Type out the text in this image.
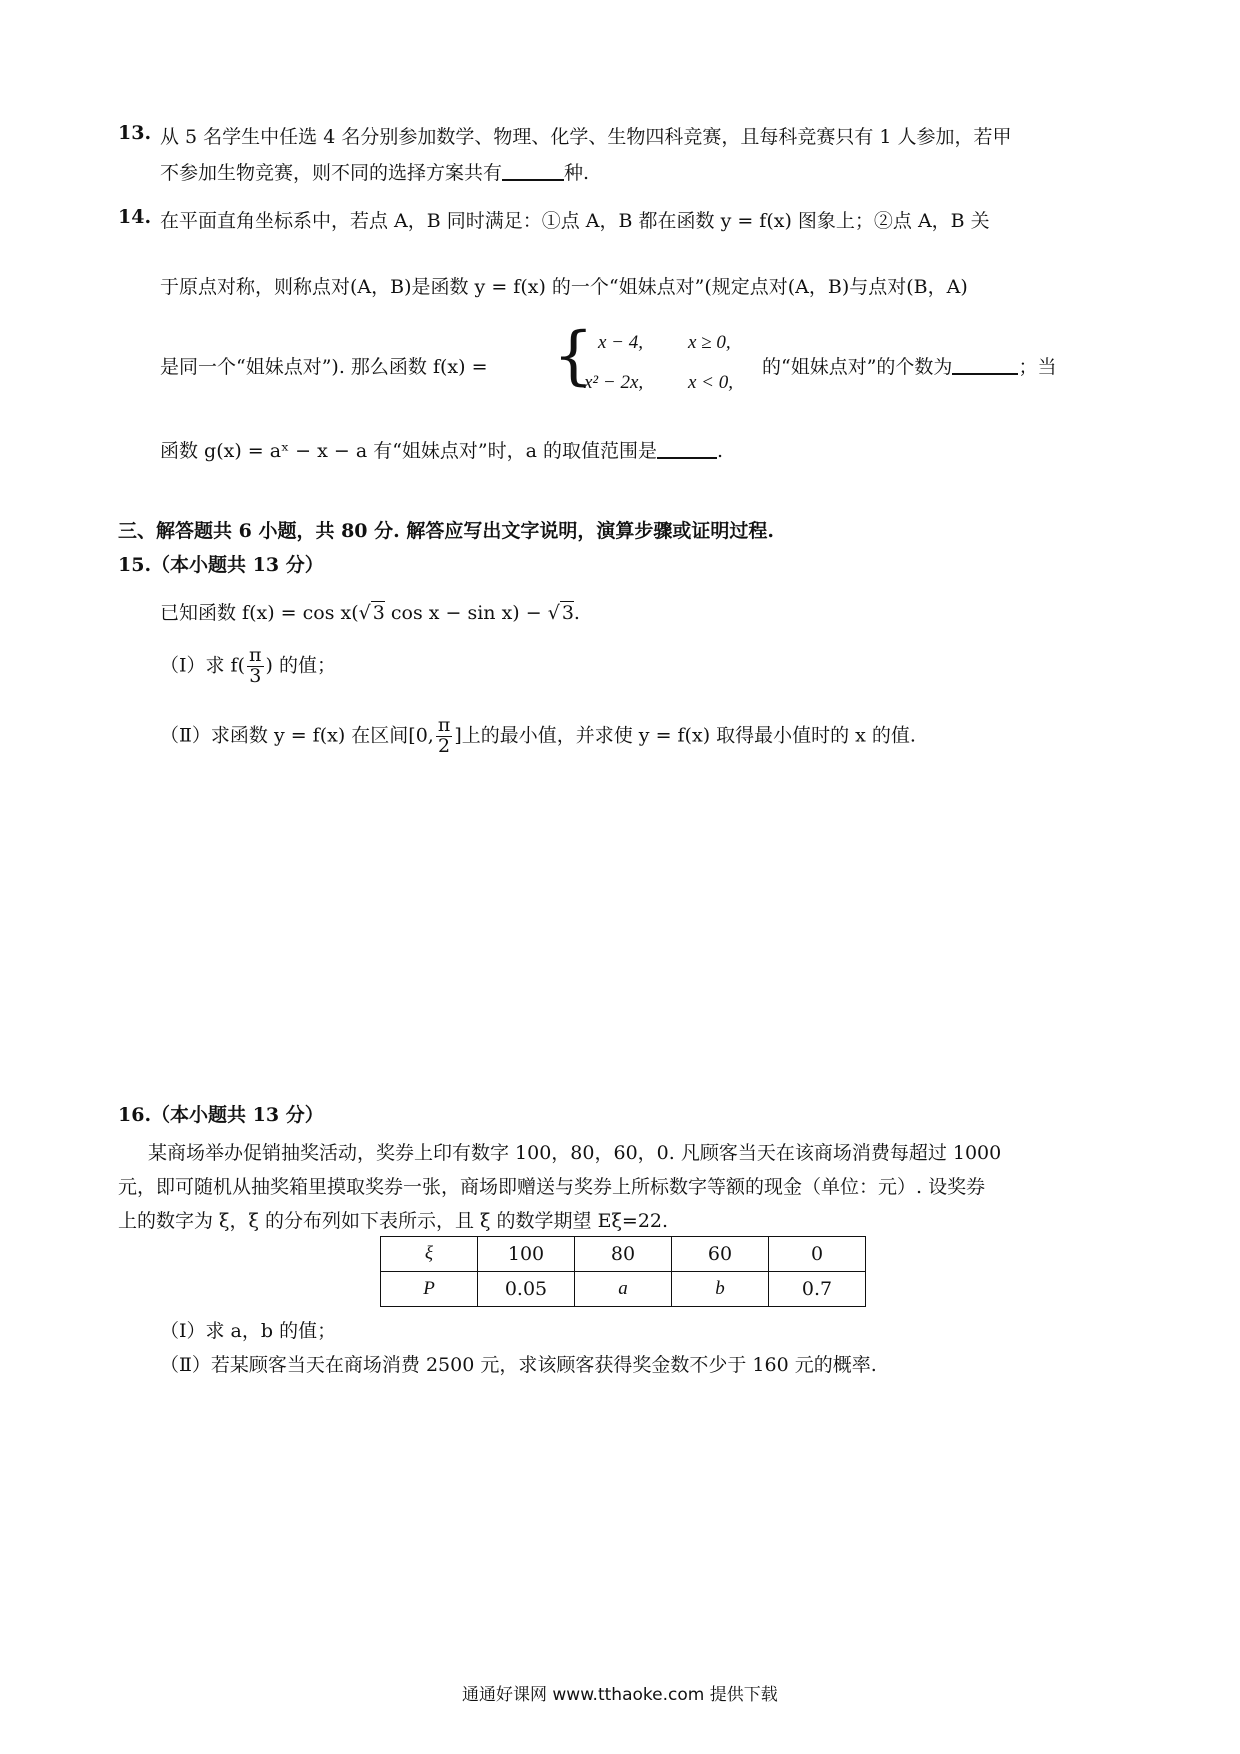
13. 从 5 名学生中任选 4 名分别参加数学、物理、化学、生物四科竞赛，且每科竞赛只有 1 人参加，若甲
不参加生物竞赛，则不同的选择方案共有	种.
14. 在平面直角坐标系中，若点 A，B 同时满足：①点 A，B 都在函数 y = f(x) 图象上；②点 A，B 关
于原点对称，则称点对(A，B)是函数 y = f(x) 的一个“姐妹点对”(规定点对(A，B)与点对(B，A)
是同一个“姐妹点对”). 那么函数 f(x) = { x − 4, x ≥ 0,
x² − 2x, x < 0,
的“姐妹点对”的个数为	；当
函数 g(x) = aˣ − x − a 有“姐妹点对”时，a 的取值范围是	.
三、解答题共 6 小题，共 80 分. 解答应写出文字说明，演算步骤或证明过程.
15.（本小题共 13 分）
已知函数 f(x) = cos x(√ 3 cos x − sin x) − √ 3.
（Ⅰ）求 $f( \frac{\pi}{3}$ ) 的值；
（Ⅱ）求函数 y = f(x) 在区间[0, $\frac{\pi}{2}$ ]上的最小值，并求使 y = f(x) 取得最小值时的 x 的值.
16.（本小题共 13 分）
某商场举办促销抽奖活动，奖券上印有数字 100，80，60，0. 凡顾客当天在该商场消费每超过 1000
元，即可随机从抽奖箱里摸取奖券一张，商场即赠送与奖券上所标数字等额的现金（单位：元）. 设奖券
上的数字为 ξ，ξ 的分布列如下表所示，且 ξ 的数学期望 Eξ=22.
ξ	100	80	60	0
P	0.05	a	b	0.7
（Ⅰ）求 a，b 的值；
（Ⅱ）若某顾客当天在商场消费 2500 元，求该顾客获得奖金数不少于 160 元的概率.
通通好课网 www.tthaoke.com 提供下载
